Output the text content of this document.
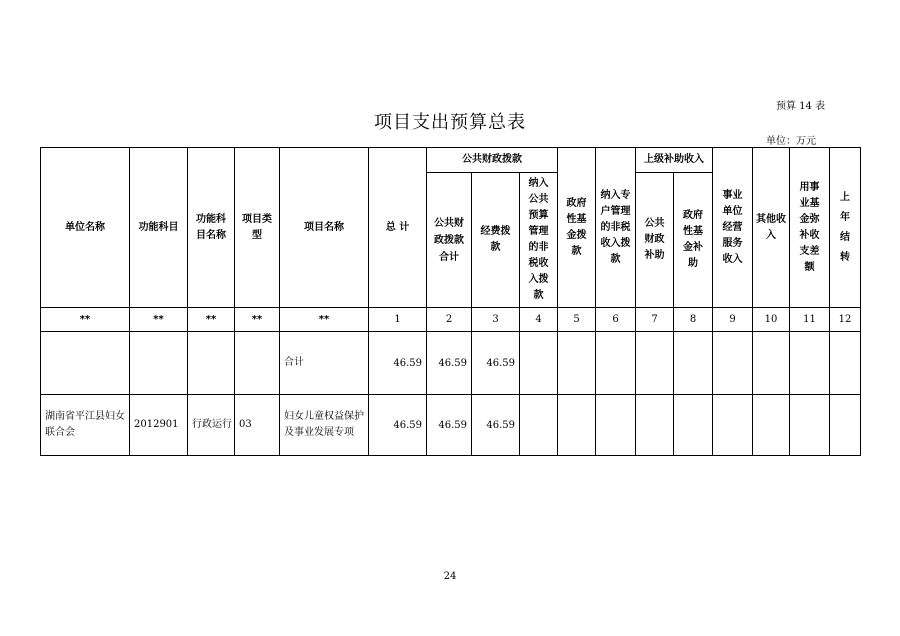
预算 14 表
项目支出预算总表
单位：万元
单位名称	功能科目	功能科目名称	项目类型	项目名称	总 计	公共财政拨款			政府性基金拨款	纳入专户管理的非税收入拨款	上级补助收入		事业单位经营服务收入	其他收入	用事业基金弥补收支差额	上年结转
						公共财政拨款合计	经费拨款	纳入公共预算管理的非税收入拨款			公共财政补助	政府性基金补助				
**	**	**	**	**	1	2	3	4	5	6	7	8	9	10	11	12
				合计	46.59	46.59	46.59									
湖南省平江县妇女联合会	2012901	行政运行	03	妇女儿童权益保护及事业发展专项	46.59	46.59	46.59									
24
